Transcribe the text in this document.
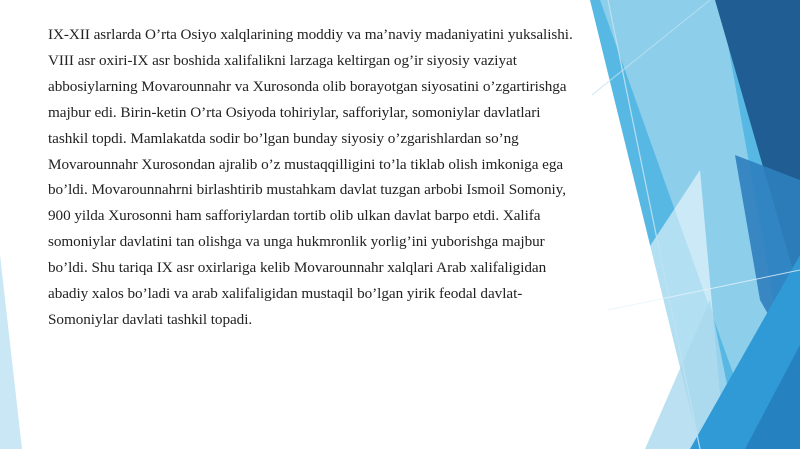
IX-XII asrlarda O’rta Osiyo xalqlarining moddiy va ma’naviy madaniyatini yuksalishi.
VIII asr oxiri-IX asr boshida xalifalikni larzaga keltirgan og’ir siyosiy vaziyat
abbosiylarning Movarounnahr va Xurosonda olib borayotgan siyosatini o’zgartirishga
majbur edi. Birin-ketin O’rta Osiyoda tohiriylar, safforiylar, somoniylar davlatlari
tashkil topdi. Mamlakatda sodir bo’lgan bunday siyosiy o’zgarishlardan so’ng
Movarounnahr Xurosondan ajralib o’z mustaqqilligini to’la tiklab olish imkoniga ega
bo’ldi. Movarounnahrni birlashtirib mustahkam davlat tuzgan arbobi Ismoil Somoniy,
900 yilda Xurosonni ham safforiylardan tortib olib ulkan davlat barpo etdi. Xalifa
somoniylar davlatini tan olishga va unga hukmronlik yorlig’ini yuborishga majbur
bo’ldi. Shu tariqa IX asr oxirlariga kelib Movarounnahr xalqlari Arab xalifaligidan
abadiy xalos bo’ladi va arab xalifaligidan mustaqil bo’lgan yirik feodal davlat-
Somoniylar davlati tashkil topadi.
